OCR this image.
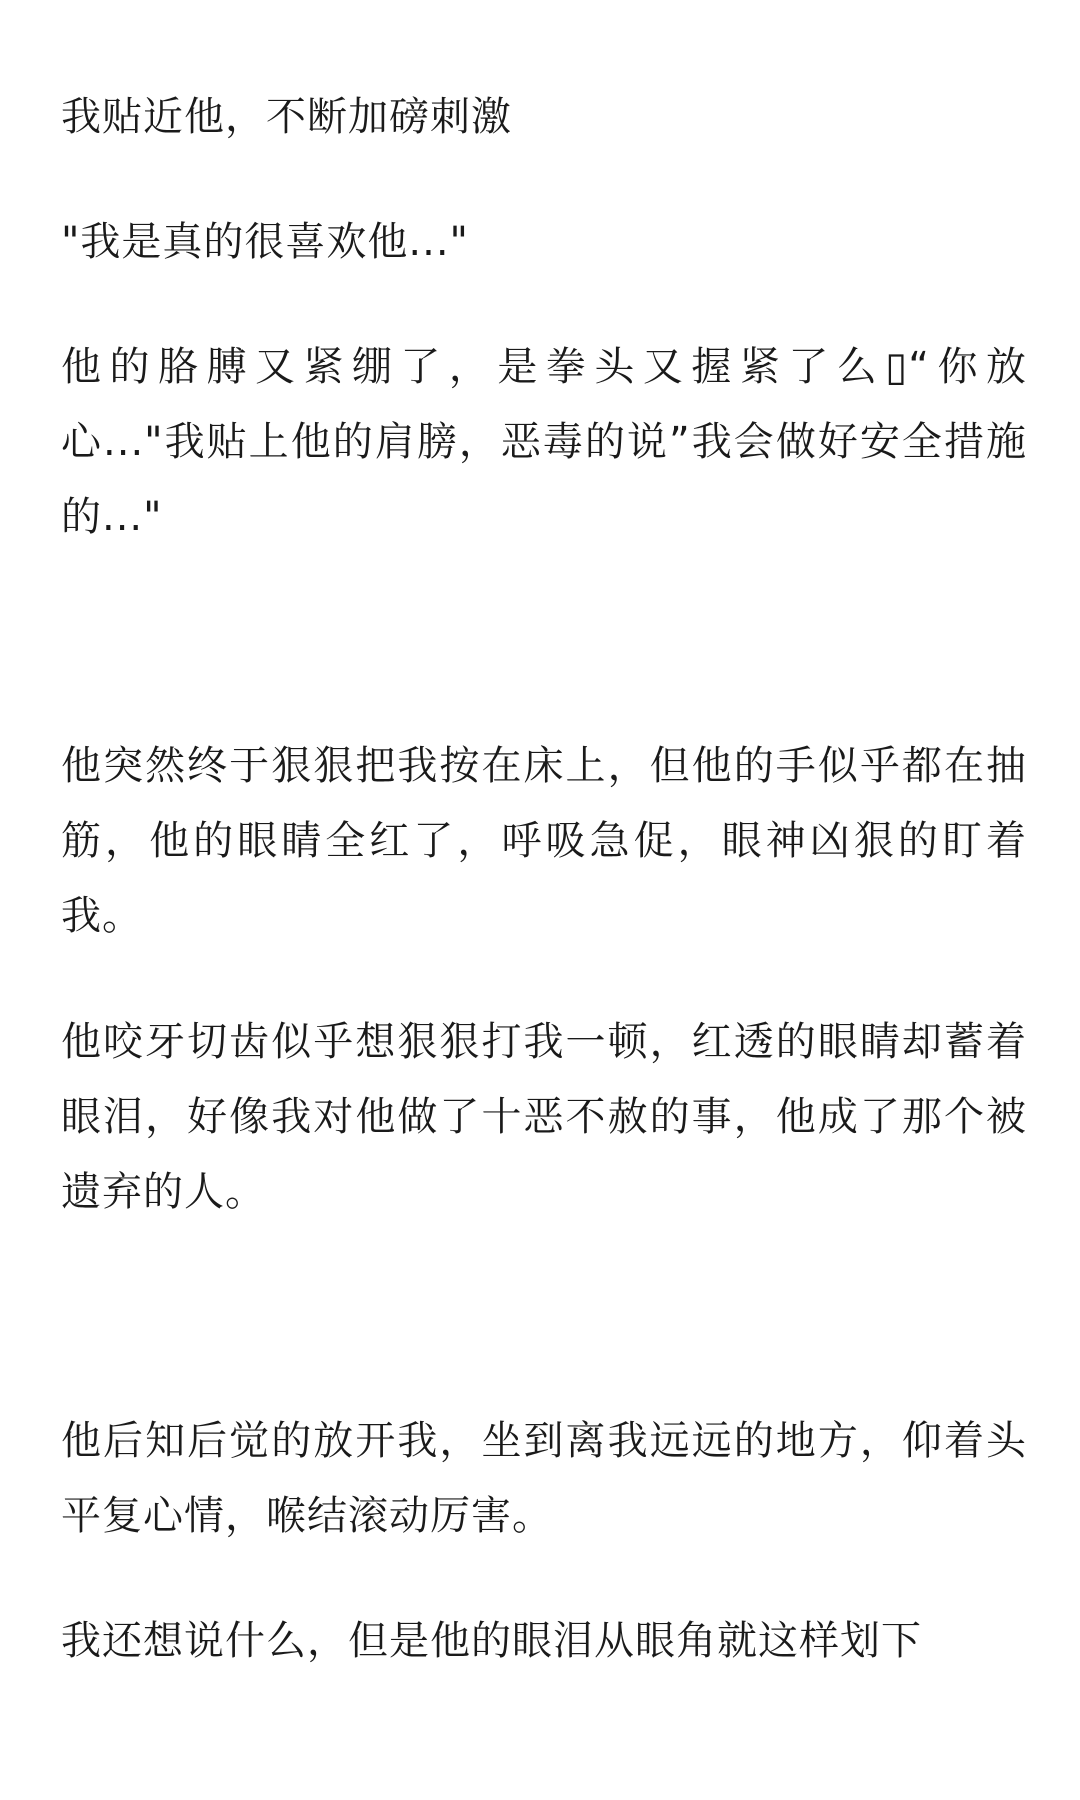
我贴近他，不断加磅刺激

"我是真的很喜欢他..."

他的胳膊又紧绷了，是拳头又握紧了么▯“你放心..."我贴上他的肩膀，恶毒的说”我会做好安全措施的..."

他突然终于狠狠把我按在床上，但他的手似乎都在抽筋，他的眼睛全红了，呼吸急促，眼神凶狠的盯着我。

他咬牙切齿似乎想狠狠打我一顿，红透的眼睛却蓄着眼泪，好像我对他做了十恶不赦的事，他成了那个被遗弃的人。

他后知后觉的放开我，坐到离我远远的地方，仰着头平复心情，喉结滚动厉害。

我还想说什么，但是他的眼泪从眼角就这样划下
